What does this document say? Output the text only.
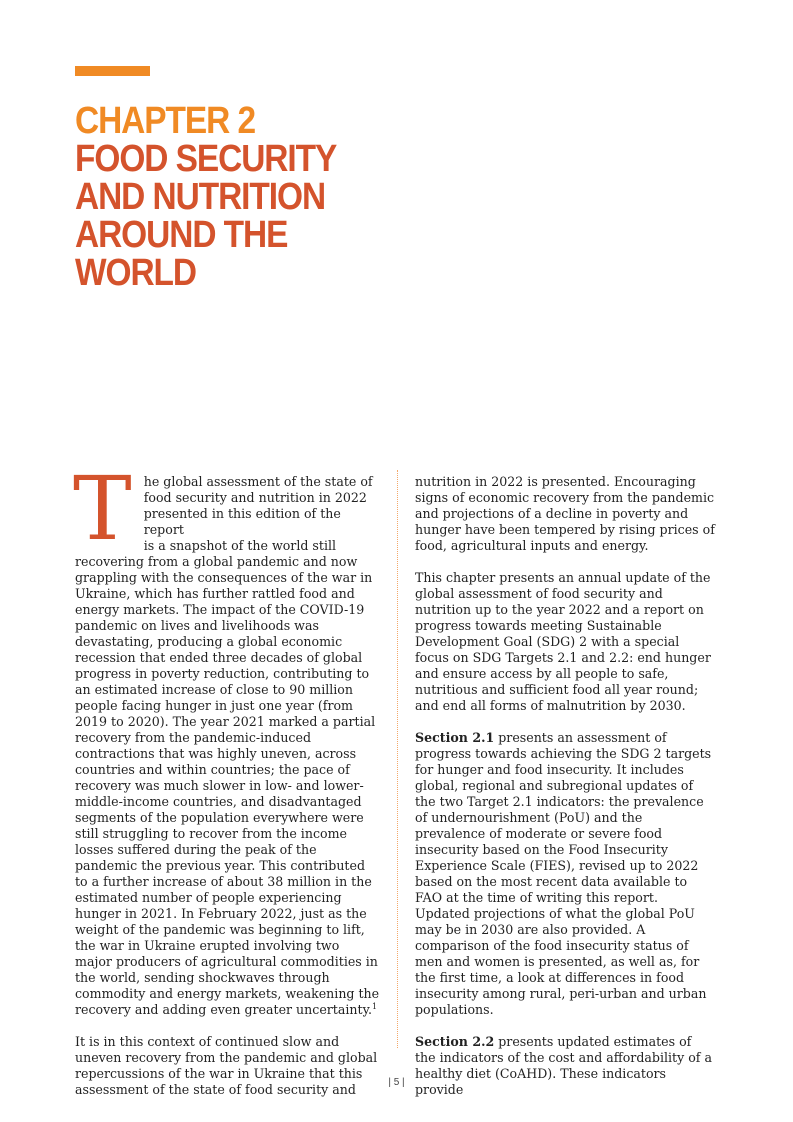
CHAPTER 2
FOOD SECURITY
AND NUTRITION
AROUND THE
WORLD

T he global assessment of the state of
food security and nutrition in 2022
presented in this edition of the report
is a snapshot of the world still recovering from a global pandemic and now grappling with the consequences of the war in Ukraine, which has further rattled food and energy markets. The impact of the COVID-19 pandemic on lives and livelihoods was devastating, producing a global economic recession that ended three decades of global progress in poverty reduction, contributing to an estimated increase of close to 90 million people facing hunger in just one year (from 2019 to 2020). The year 2021 marked a partial recovery from the pandemic-induced contractions that was highly uneven, across countries and within countries; the pace of recovery was much slower in low- and lower-middle-income countries, and disadvantaged segments of the population everywhere were still struggling to recover from the income losses suffered during the peak of the pandemic the previous year. This contributed to a further increase of about 38 million in the estimated number of people experiencing hunger in 2021. In February 2022, just as the weight of the pandemic was beginning to lift, the war in Ukraine erupted involving two major producers of agricultural commodities in the world, sending shockwaves through commodity and energy markets, weakening the recovery and adding even greater uncertainty.$^1$

It is in this context of continued slow and uneven recovery from the pandemic and global repercussions of the war in Ukraine that this assessment of the state of food security and

nutrition in 2022 is presented. Encouraging signs of economic recovery from the pandemic and projections of a decline in poverty and hunger have been tempered by rising prices of food, agricultural inputs and energy.

This chapter presents an annual update of the global assessment of food security and nutrition up to the year 2022 and a report on progress towards meeting Sustainable Development Goal (SDG) 2 with a special focus on SDG Targets 2.1 and 2.2: end hunger and ensure access by all people to safe, nutritious and sufficient food all year round; and end all forms of malnutrition by 2030.

Section 2.1 presents an assessment of progress towards achieving the SDG 2 targets for hunger and food insecurity. It includes global, regional and subregional updates of the two Target 2.1 indicators: the prevalence of undernourishment (PoU) and the prevalence of moderate or severe food insecurity based on the Food Insecurity Experience Scale (FIES), revised up to 2022 based on the most recent data available to FAO at the time of writing this report. Updated projections of what the global PoU may be in 2030 are also provided. A comparison of the food insecurity status of men and women is presented, as well as, for the first time, a look at differences in food insecurity among rural, peri-urban and urban populations.

Section 2.2 presents updated estimates of the indicators of the cost and affordability of a healthy diet (CoAHD). These indicators provide

| 5 |
